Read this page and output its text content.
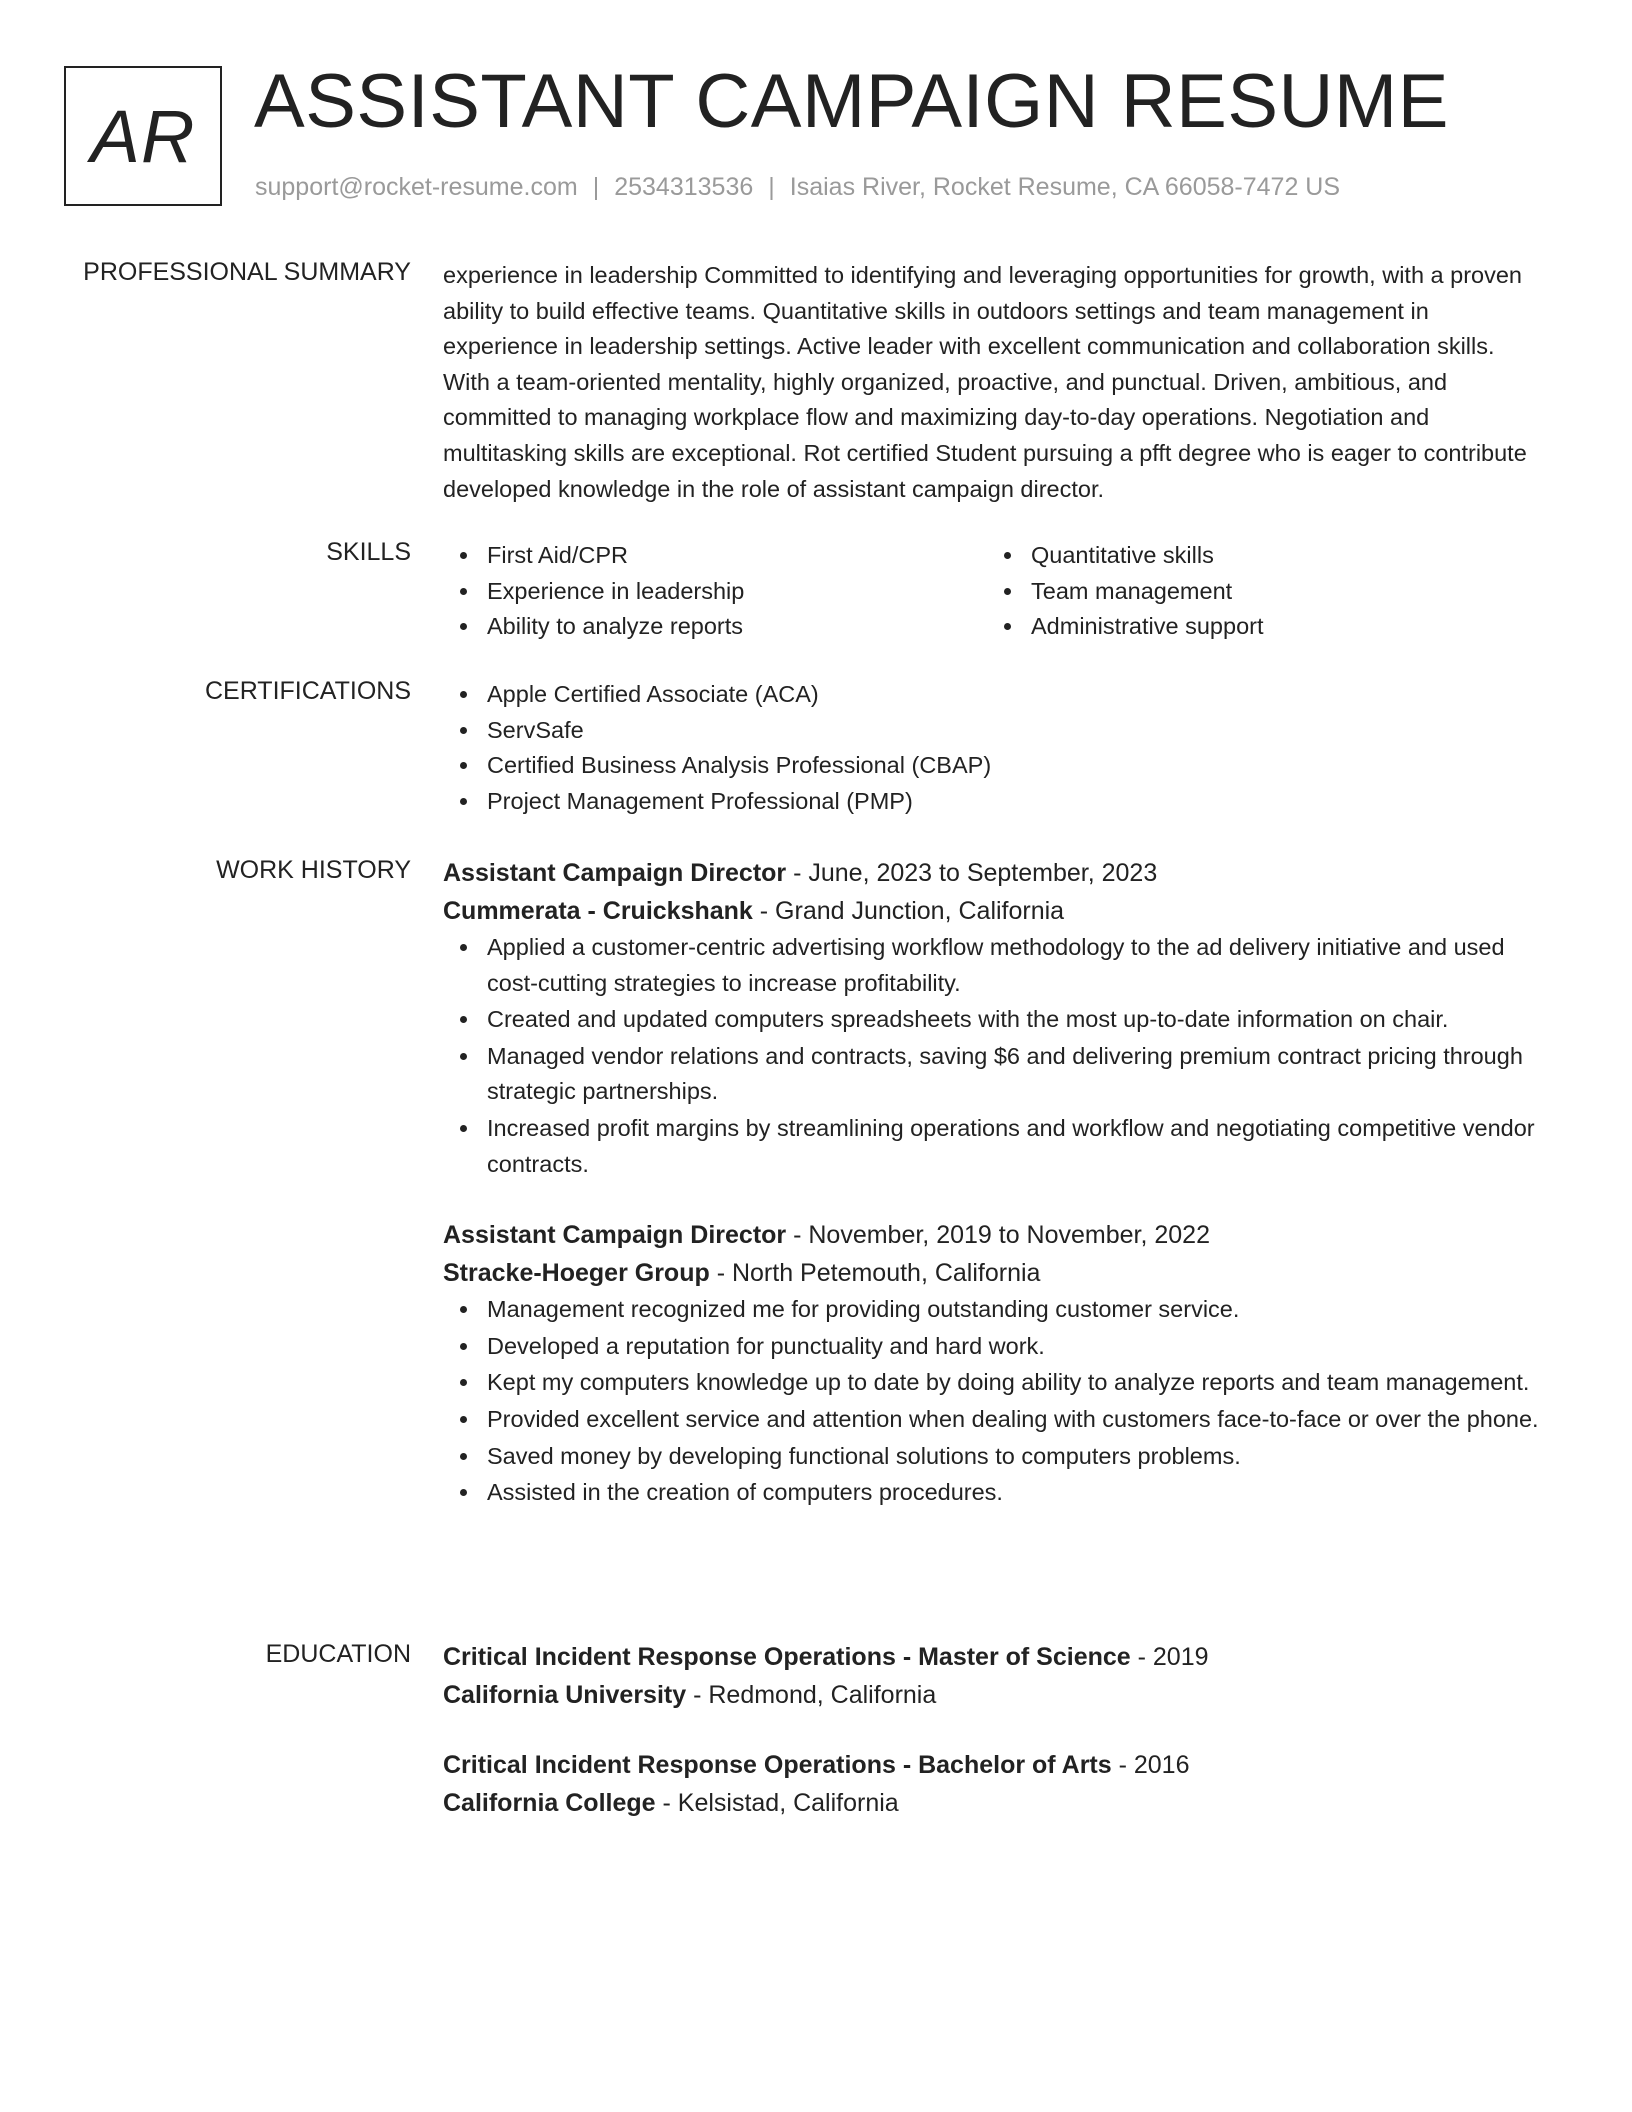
AR ASSISTANT CAMPAIGN RESUME
support@rocket-resume.com | 2534313536 | Isaias River, Rocket Resume, CA 66058-7472 US
PROFESSIONAL SUMMARY experience in leadership Committed to identifying and leveraging opportunities for growth, with a proven ability to build effective teams. Quantitative skills in outdoors settings and team management in experience in leadership settings. Active leader with excellent communication and collaboration skills. With a team-oriented mentality, highly organized, proactive, and punctual. Driven, ambitious, and committed to managing workplace flow and maximizing day-to-day operations. Negotiation and multitasking skills are exceptional. Rot certified Student pursuing a pfft degree who is eager to contribute developed knowledge in the role of assistant campaign director.

SKILLS	First Aid/CPR
Experience in leadership
Ability to analyze reports
Quantitative skills
Team management
Administrative support
CERTIFICATIONS	Apple Certified Associate (ACA)
ServSafe
Certified Business Analysis Professional (CBAP)
Project Management Professional (PMP)
WORK HISTORY Assistant Campaign Director - June, 2023 to September, 2023
Cummerata - Cruickshank - Grand Junction, California
Applied a customer-centric advertising workflow methodology to the ad delivery initiative and used cost-cutting strategies to increase profitability.
Created and updated computers spreadsheets with the most up-to-date information on chair.
Managed vendor relations and contracts, saving $6 and delivering premium contract pricing through strategic partnerships.
Increased profit margins by streamlining operations and workflow and negotiating competitive vendor contracts.
Assistant Campaign Director - November, 2019 to November, 2022
Stracke-Hoeger Group - North Petemouth, California
Management recognized me for providing outstanding customer service.
Developed a reputation for punctuality and hard work.
Kept my computers knowledge up to date by doing ability to analyze reports and team management.
Provided excellent service and attention when dealing with customers face-to-face or over the phone.
Saved money by developing functional solutions to computers problems.
Assisted in the creation of computers procedures.
EDUCATION Critical Incident Response Operations - Master of Science - 2019
California University - Redmond, California
Critical Incident Response Operations - Bachelor of Arts - 2016
California College - Kelsistad, California
